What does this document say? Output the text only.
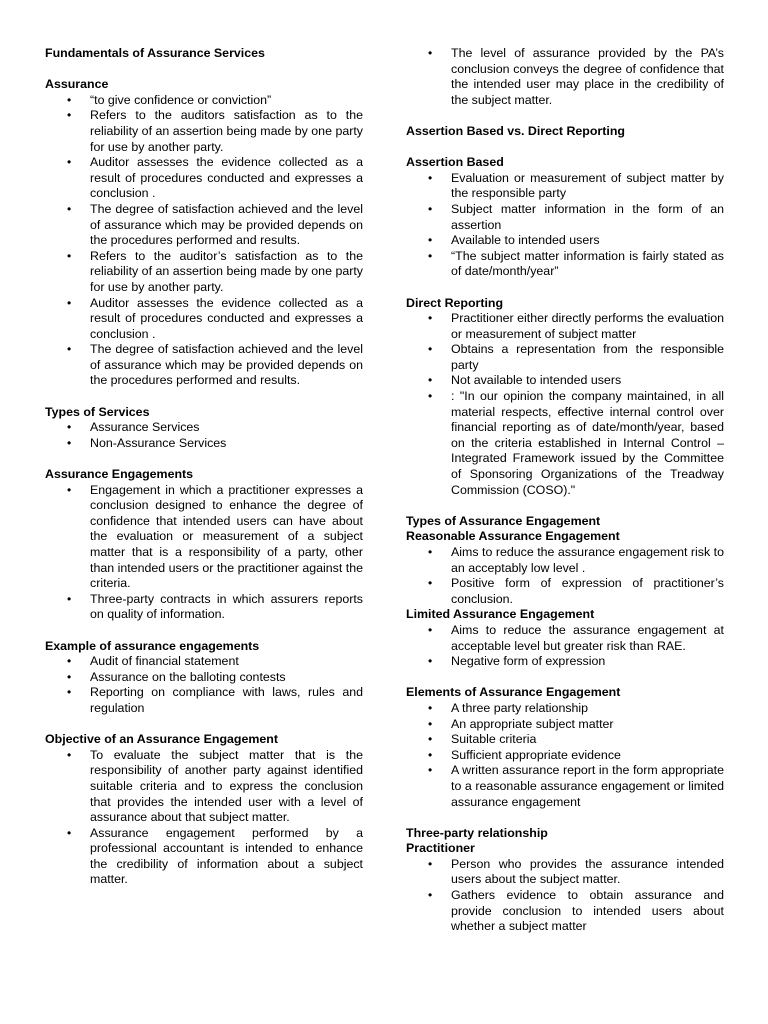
Fundamentals of Assurance Services
Assurance
• “to give confidence or conviction”
• Refers to the auditors satisfaction as to the reliability of an assertion being made by one party for use by another party.
• Auditor assesses the evidence collected as a result of procedures conducted and expresses a conclusion .
• The degree of satisfaction achieved and the level of assurance which may be provided depends on the procedures performed and results.
• Refers to the auditor’s satisfaction as to the reliability of an assertion being made by one party for use by another party.
• Auditor assesses the evidence collected as a result of procedures conducted and expresses a conclusion .
• The degree of satisfaction achieved and the level of assurance which may be provided depends on the procedures performed and results.
Types of Services
• Assurance Services
• Non-Assurance Services
Assurance Engagements
• Engagement in which a practitioner expresses a conclusion designed to enhance the degree of confidence that intended users can have about the evaluation or measurement of a subject matter that is a responsibility of a party, other than intended users or the practitioner against the criteria.
• Three-party contracts in which assurers reports on quality of information.
Example of assurance engagements
• Audit of financial statement
• Assurance on the balloting contests
• Reporting on compliance with laws, rules and regulation
Objective of an Assurance Engagement
• To evaluate the subject matter that is the responsibility of another party against identified suitable criteria and to express the conclusion that provides the intended user with a level of assurance about that subject matter.
• Assurance engagement performed by a professional accountant is intended to enhance the credibility of information about a subject matter.
• The level of assurance provided by the PA’s conclusion conveys the degree of confidence that the intended user may place in the credibility of the subject matter.
Assertion Based vs. Direct Reporting
Assertion Based
• Evaluation or measurement of subject matter by the responsible party
• Subject matter information in the form of an assertion
• Available to intended users
• “The subject matter information is fairly stated as of date/month/year”
Direct Reporting
• Practitioner either directly performs the evaluation or measurement of subject matter
• Obtains a representation from the responsible party
• Not available to intended users
• : "In our opinion the company maintained, in all material respects, effective internal control over financial reporting as of date/month/year, based on the criteria established in Internal Control – Integrated Framework issued by the Committee of Sponsoring Organizations of the Treadway Commission (COSO)."
Types of Assurance Engagement
Reasonable Assurance Engagement
• Aims to reduce the assurance engagement risk to an acceptably low level .
• Positive form of expression of practitioner’s conclusion.
Limited Assurance Engagement
• Aims to reduce the assurance engagement at acceptable level but greater risk than RAE.
• Negative form of expression
Elements of Assurance Engagement
• A three party relationship
• An appropriate subject matter
• Suitable criteria
• Sufficient appropriate evidence
• A written assurance report in the form appropriate to a reasonable assurance engagement or limited assurance engagement
Three-party relationship
Practitioner
• Person who provides the assurance intended users about the subject matter.
• Gathers evidence to obtain assurance and provide conclusion to intended users about whether a subject matter
